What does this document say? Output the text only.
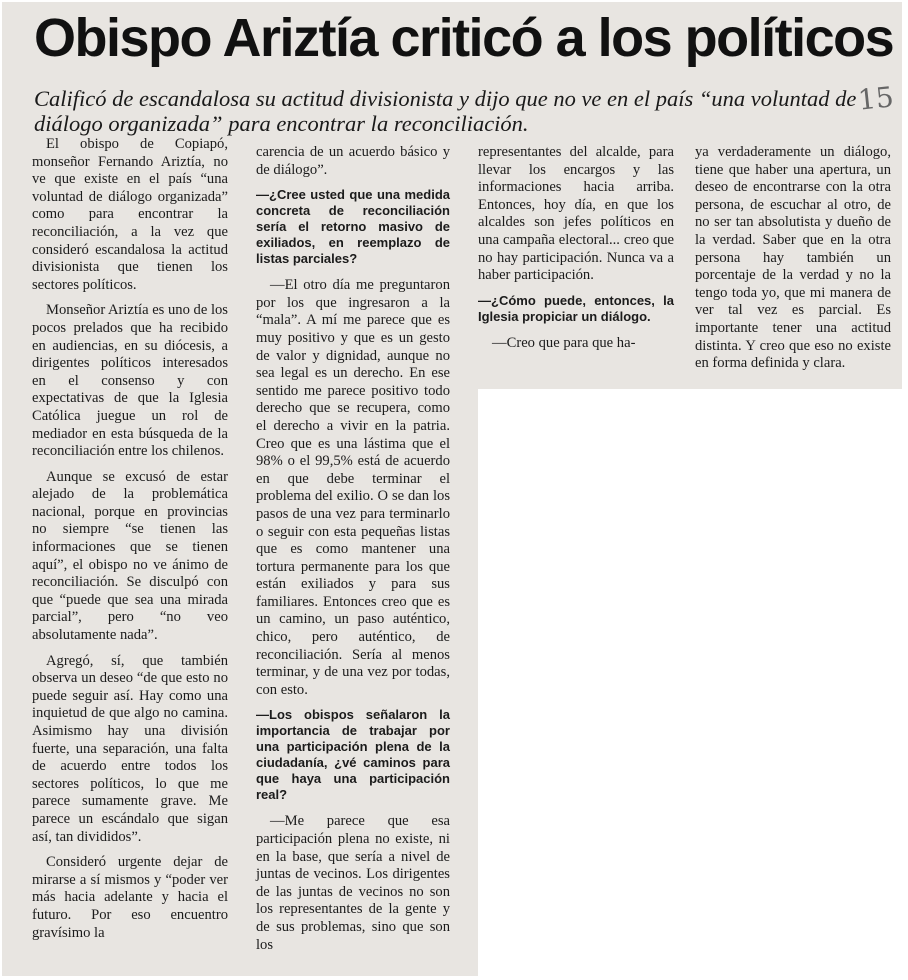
Obispo Ariztía criticó a los políticos
Calificó de escandalosa su actitud divisionista y dijo que no ve en el país “una voluntad de diálogo organizada” para encontrar la reconciliación.
15

El obispo de Copiapó, monseñor Fernando Ariztía, no ve que existe en el país “una voluntad de diálogo organizada” como para encontrar la reconciliación, a la vez que consideró escandalosa la actitud divisionista que tienen los sectores políticos.

Monseñor Ariztía es uno de los pocos prelados que ha recibido en audiencias, en su diócesis, a dirigentes políticos interesados en el consenso y con expectativas de que la Iglesia Católica juegue un rol de mediador en esta búsqueda de la reconciliación entre los chilenos.

Aunque se excusó de estar alejado de la problemática nacional, porque en provincias no siempre “se tienen las informaciones que se tienen aquí”, el obispo no ve ánimo de reconciliación. Se disculpó con que “puede que sea una mirada parcial”, pero “no veo absolutamente nada”.

Agregó, sí, que también observa un deseo “de que esto no puede seguir así. Hay como una inquietud de que algo no camina. Asimismo hay una división fuerte, una separación, una falta de acuerdo entre todos los sectores políticos, lo que me parece sumamente grave. Me parece un escándalo que sigan así, tan divididos”.

Consideró urgente dejar de mirarse a sí mismos y “poder ver más hacia adelante y hacia el futuro. Por eso encuentro gravísimo la

carencia de un acuerdo básico y de diálogo”.

—¿Cree usted que una medida concreta de reconciliación sería el retorno masivo de exiliados, en reemplazo de listas parciales?

—El otro día me preguntaron por los que ingresaron a la “mala”. A mí me parece que es muy positivo y que es un gesto de valor y dignidad, aunque no sea legal es un derecho. En ese sentido me parece positivo todo derecho que se recupera, como el derecho a vivir en la patria. Creo que es una lástima que el 98% o el 99,5% está de acuerdo en que debe terminar el problema del exilio. O se dan los pasos de una vez para terminarlo o seguir con esta pequeñas listas que es como mantener una tortura permanente para los que están exiliados y para sus familiares. Entonces creo que es un camino, un paso auténtico, chico, pero auténtico, de reconciliación. Sería al menos terminar, y de una vez por todas, con esto.

—Los obispos señalaron la importancia de trabajar por una participación plena de la ciudadanía, ¿vé caminos para que haya una participación real?

—Me parece que esa participación plena no existe, ni en la base, que sería a nivel de juntas de vecinos. Los dirigentes de las juntas de vecinos no son los representantes de la gente y de sus problemas, sino que son los

representantes del alcalde, para llevar los encargos y las informaciones hacia arriba. Entonces, hoy día, en que los alcaldes son jefes políticos en una campaña electoral... creo que no hay participación. Nunca va a haber participación.

—¿Cómo puede, entonces, la Iglesia propiciar un diálogo.

—Creo que para que ha-

ya verdaderamente un diálogo, tiene que haber una apertura, un deseo de encontrarse con la otra persona, de escuchar al otro, de no ser tan absolutista y dueño de la verdad. Saber que en la otra persona hay también un porcentaje de la verdad y no la tengo toda yo, que mi manera de ver tal vez es parcial. Es importante tener una actitud distinta. Y creo que eso no existe en forma definida y clara.
